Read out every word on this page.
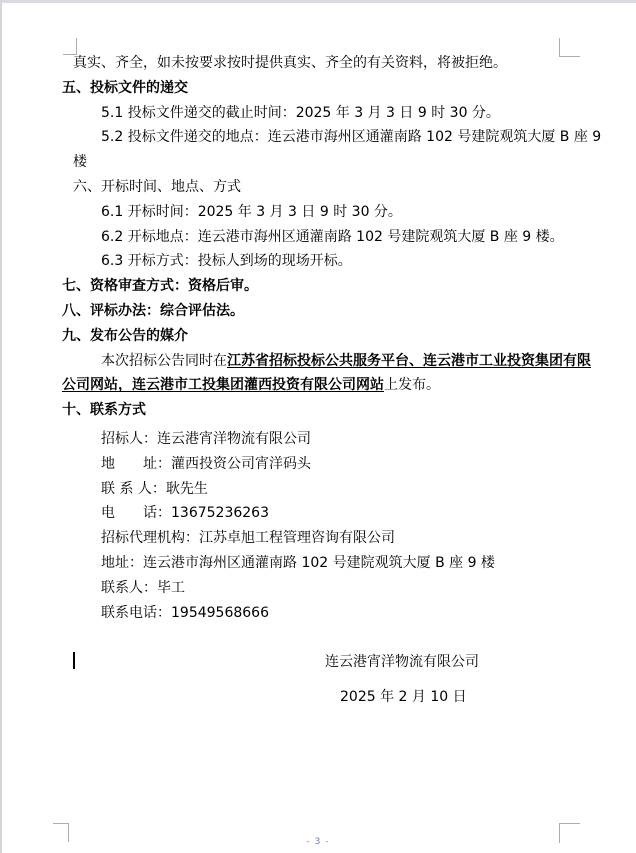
真实、齐全，如未按要求按时提供真实、齐全的有关资料，将被拒绝。
五、投标文件的递交
5.1 投标文件递交的截止时间：2025 年 3 月 3 日 9 时 30 分。
5.2 投标文件递交的地点：连云港市海州区通灌南路 102 号建院观筑大厦 B 座 9
楼
六、开标时间、地点、方式
6.1 开标时间：2025 年 3 月 3 日 9 时 30 分。
6.2 开标地点：连云港市海州区通灌南路 102 号建院观筑大厦 B 座 9 楼。
6.3 开标方式：投标人到场的现场开标。
七、资格审查方式：资格后审。
八、评标办法：综合评估法。
九、发布公告的媒介
本次招标公告同时在江苏省招标投标公共服务平台、连云港市工业投资集团有限
公司网站，连云港市工投集团灌西投资有限公司网站上发布。
十、联系方式
招标人：连云港宵洋物流有限公司
地　　址：灌西投资公司宵洋码头
联 系 人：耿先生
电　　话：13675236263
招标代理机构：江苏卓旭工程管理咨询有限公司
地址：连云港市海州区通灌南路 102 号建院观筑大厦 B 座 9 楼
联系人：毕工
联系电话：19549568666
连云港宵洋物流有限公司
2025 年 2 月 10 日
- 3 -
